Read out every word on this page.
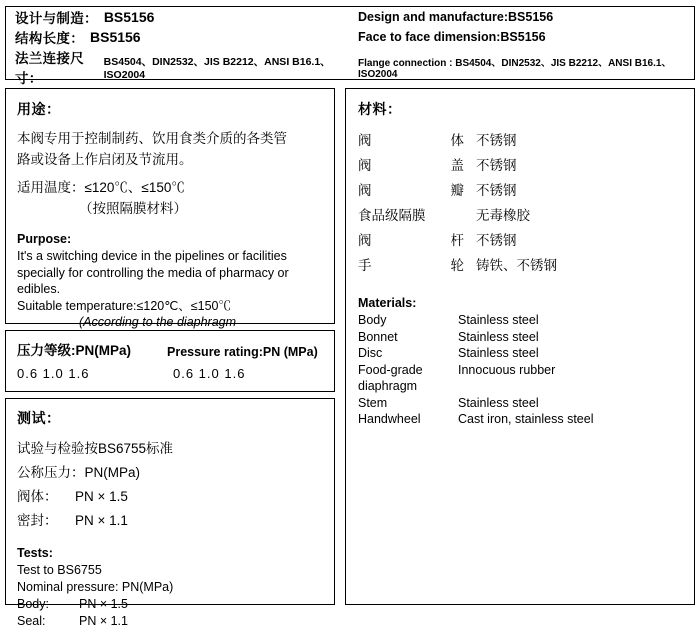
设计与制造： BS5156	Design and manufacture:BS5156
结构长度： BS5156	Face to face dimension:BS5156
法兰连接尺寸：
BS4504、DIN2532、JIS B2212、ANSI B16.1、ISO2004
Flange connection : BS4504、DIN2532、JIS B2212、ANSI B16.1、ISO2004
用途：
本阀专用于控制制药、饮用食类介质的各类管
路或设备上作启闭及节流用。
适用温度：≤120℃、≤150℃
（按照隔膜材料）
Purpose:
It's a switching device in the pipelines or facilities
specially for controlling the media of pharmacy or
edibles.
Suitable temperature:≤120℃、≤150℃
(According to the diaphragm
压力等级:PN(MPa)	Pressure rating:PN (MPa)
0.6 1.0 1.6	0.6 1.0 1.6
测试：
试验与检验按BS6755标准
公称压力：PN(MPa)
阀体： PN × 1.5
密封： PN × 1.1
Tests:
Test to BS6755
Nominal pressure: PN(MPa)
Body: PN × 1.5
Seal:	PN × 1.1
材料：
阀	体 不锈钢
阀	盖 不锈钢
阀	瓣 不锈钢
食品级隔膜	无毒橡胶
阀	杆 不锈钢
手	轮 铸铁、不锈钢
Materials:
Body	Stainless steel
Bonnet	Stainless steel
Disc	Stainless steel
Food-grade	Innocuous rubber
diaphragm
Stem	Stainless steel
Handwheel	Cast iron, stainless steel
